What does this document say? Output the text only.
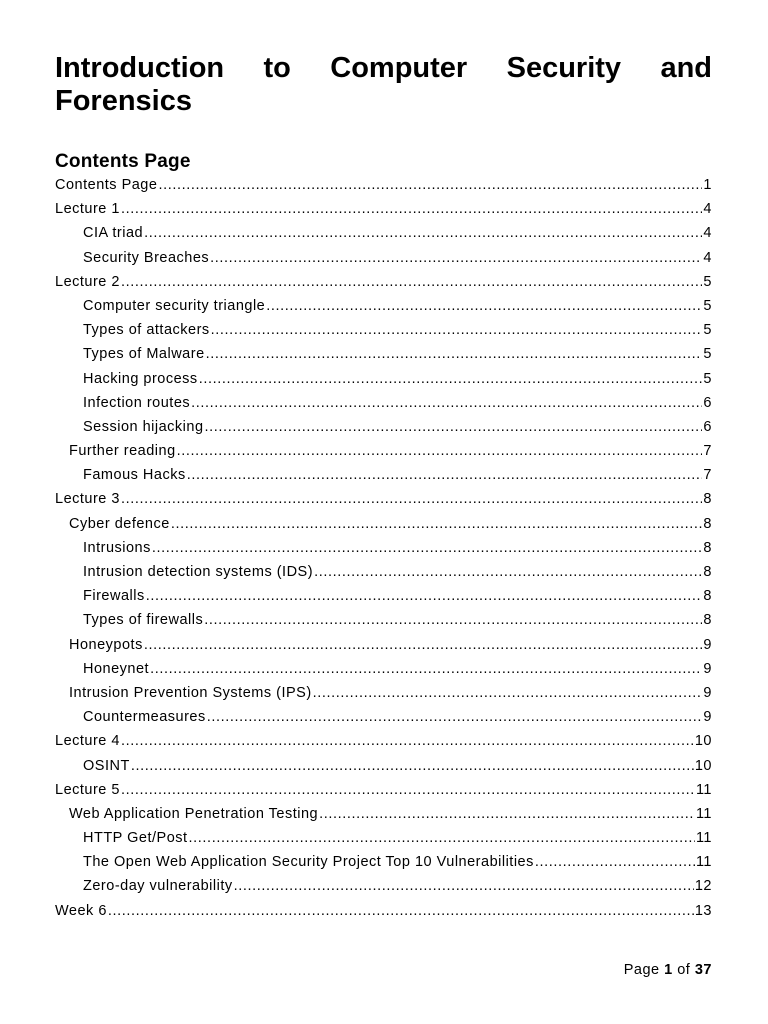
Introduction to Computer Security and
Forensics
Contents Page
Contents Page .....	1
Lecture 1 .....	4
CIA triad .....	4
Security Breaches .....	4
Lecture 2 .....	5
Computer security triangle .....	5
Types of attackers .....	5
Types of Malware .....	5
Hacking process .....	5
Infection routes .....	6
Session hijacking .....	6
Further reading .....	7
Famous Hacks .....	7
Lecture 3 .....	8
Cyber defence .....	8
Intrusions .....	8
Intrusion detection systems (IDS) .....	8
Firewalls .....	8
Types of firewalls .....	8
Honeypots .....	9
Honeynet .....	9
Intrusion Prevention Systems (IPS) .....	9
Countermeasures .....	9
Lecture 4 .....	10
OSINT .....	10
Lecture 5 .....	11
Web Application Penetration Testing .....	11
HTTP Get/Post .....	11
The Open Web Application Security Project Top 10 Vulnerabilities .....	11
Zero-day vulnerability .....	12
Week 6 .....	13
Page 1 of 37
